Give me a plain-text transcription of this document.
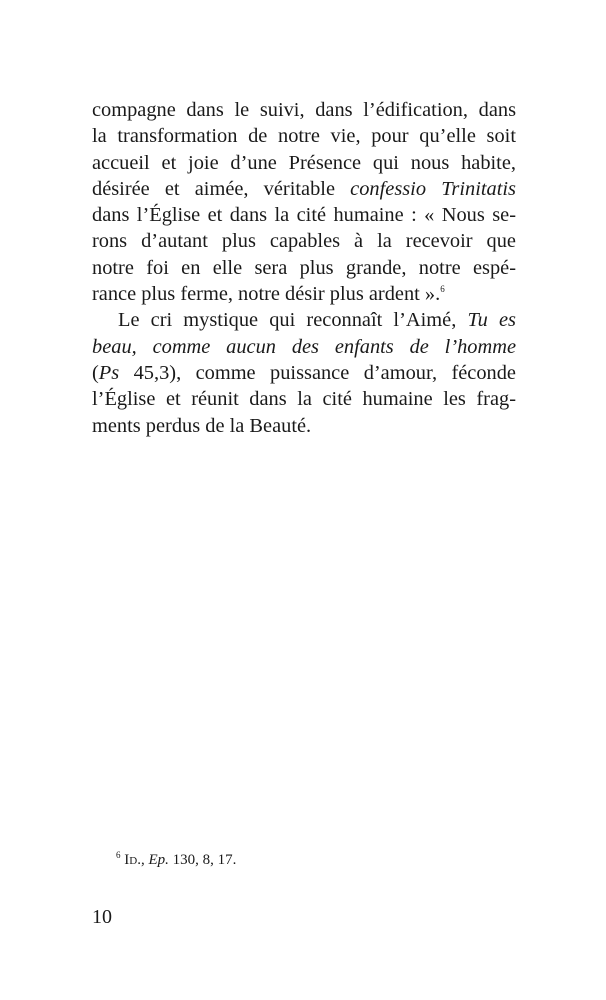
compagne dans le suivi, dans l’édification, dans
la transformation de notre vie, pour qu’elle soit
accueil et joie d’une Présence qui nous habite,
désirée et aimée, véritable confessio Trinitatis
dans l’Église et dans la cité humaine : « Nous se-
rons d’autant plus capables à la recevoir que
notre foi en elle sera plus grande, notre espé-
rance plus ferme, notre désir plus ardent ».$^6$

Le cri mystique qui reconnaît l’Aimé, Tu es
beau, comme aucun des enfants de l’homme
(Ps 45,3), comme puissance d’amour, féconde
l’Église et réunit dans la cité humaine les frag-
ments perdus de la Beauté.

$^6$ Id., Ep. 130, 8, 17.
10
